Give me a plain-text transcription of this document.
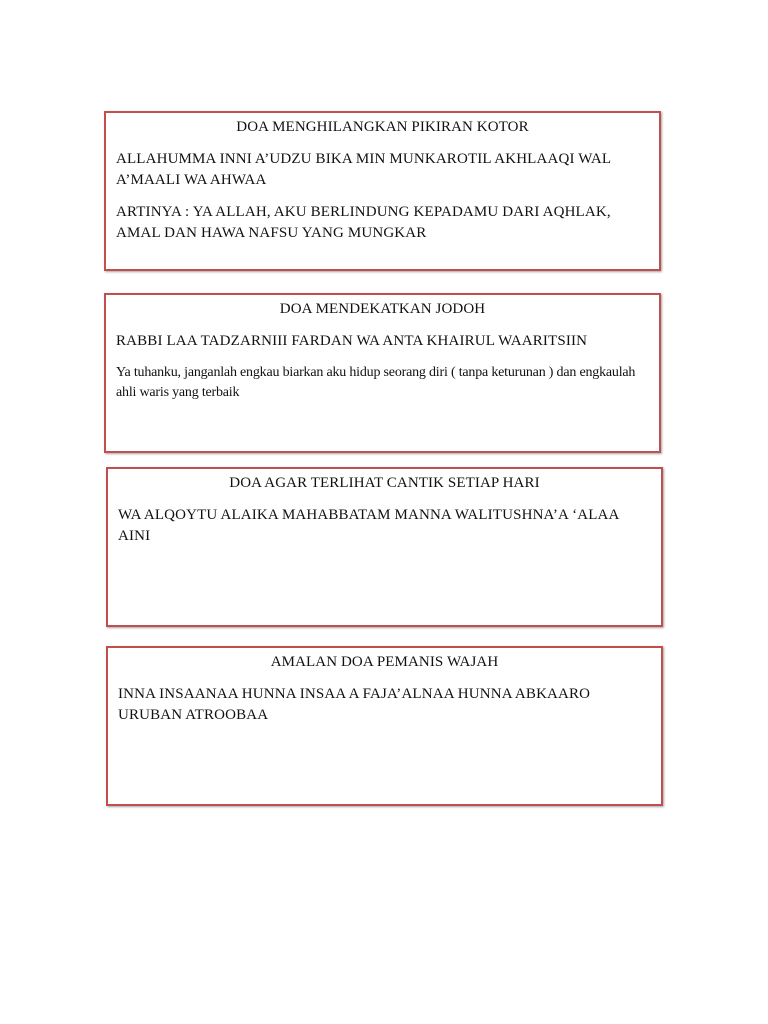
DOA MENGHILANGKAN PIKIRAN KOTOR
ALLAHUMMA INNI A’UDZU BIKA MIN MUNKAROTIL AKHLAAQI WAL A’MAALI WA AHWAA
ARTINYA : YA ALLAH, AKU BERLINDUNG KEPADAMU DARI AQHLAK, AMAL DAN HAWA NAFSU YANG MUNGKAR
DOA MENDEKATKAN JODOH
RABBI LAA TADZARNIII FARDAN WA ANTA KHAIRUL WAARITSIIN
Ya tuhanku, janganlah engkau biarkan aku hidup seorang diri ( tanpa keturunan ) dan engkaulah ahli waris yang terbaik
DOA AGAR TERLIHAT CANTIK SETIAP HARI
WA ALQOYTU ALAIKA MAHABBATAM MANNA WALITUSHNA’A ‘ALAA AINI
AMALAN DOA PEMANIS WAJAH
INNA INSAANAA HUNNA INSAA A FAJA’ALNAA HUNNA ABKAARO URUBAN ATROOBAA
